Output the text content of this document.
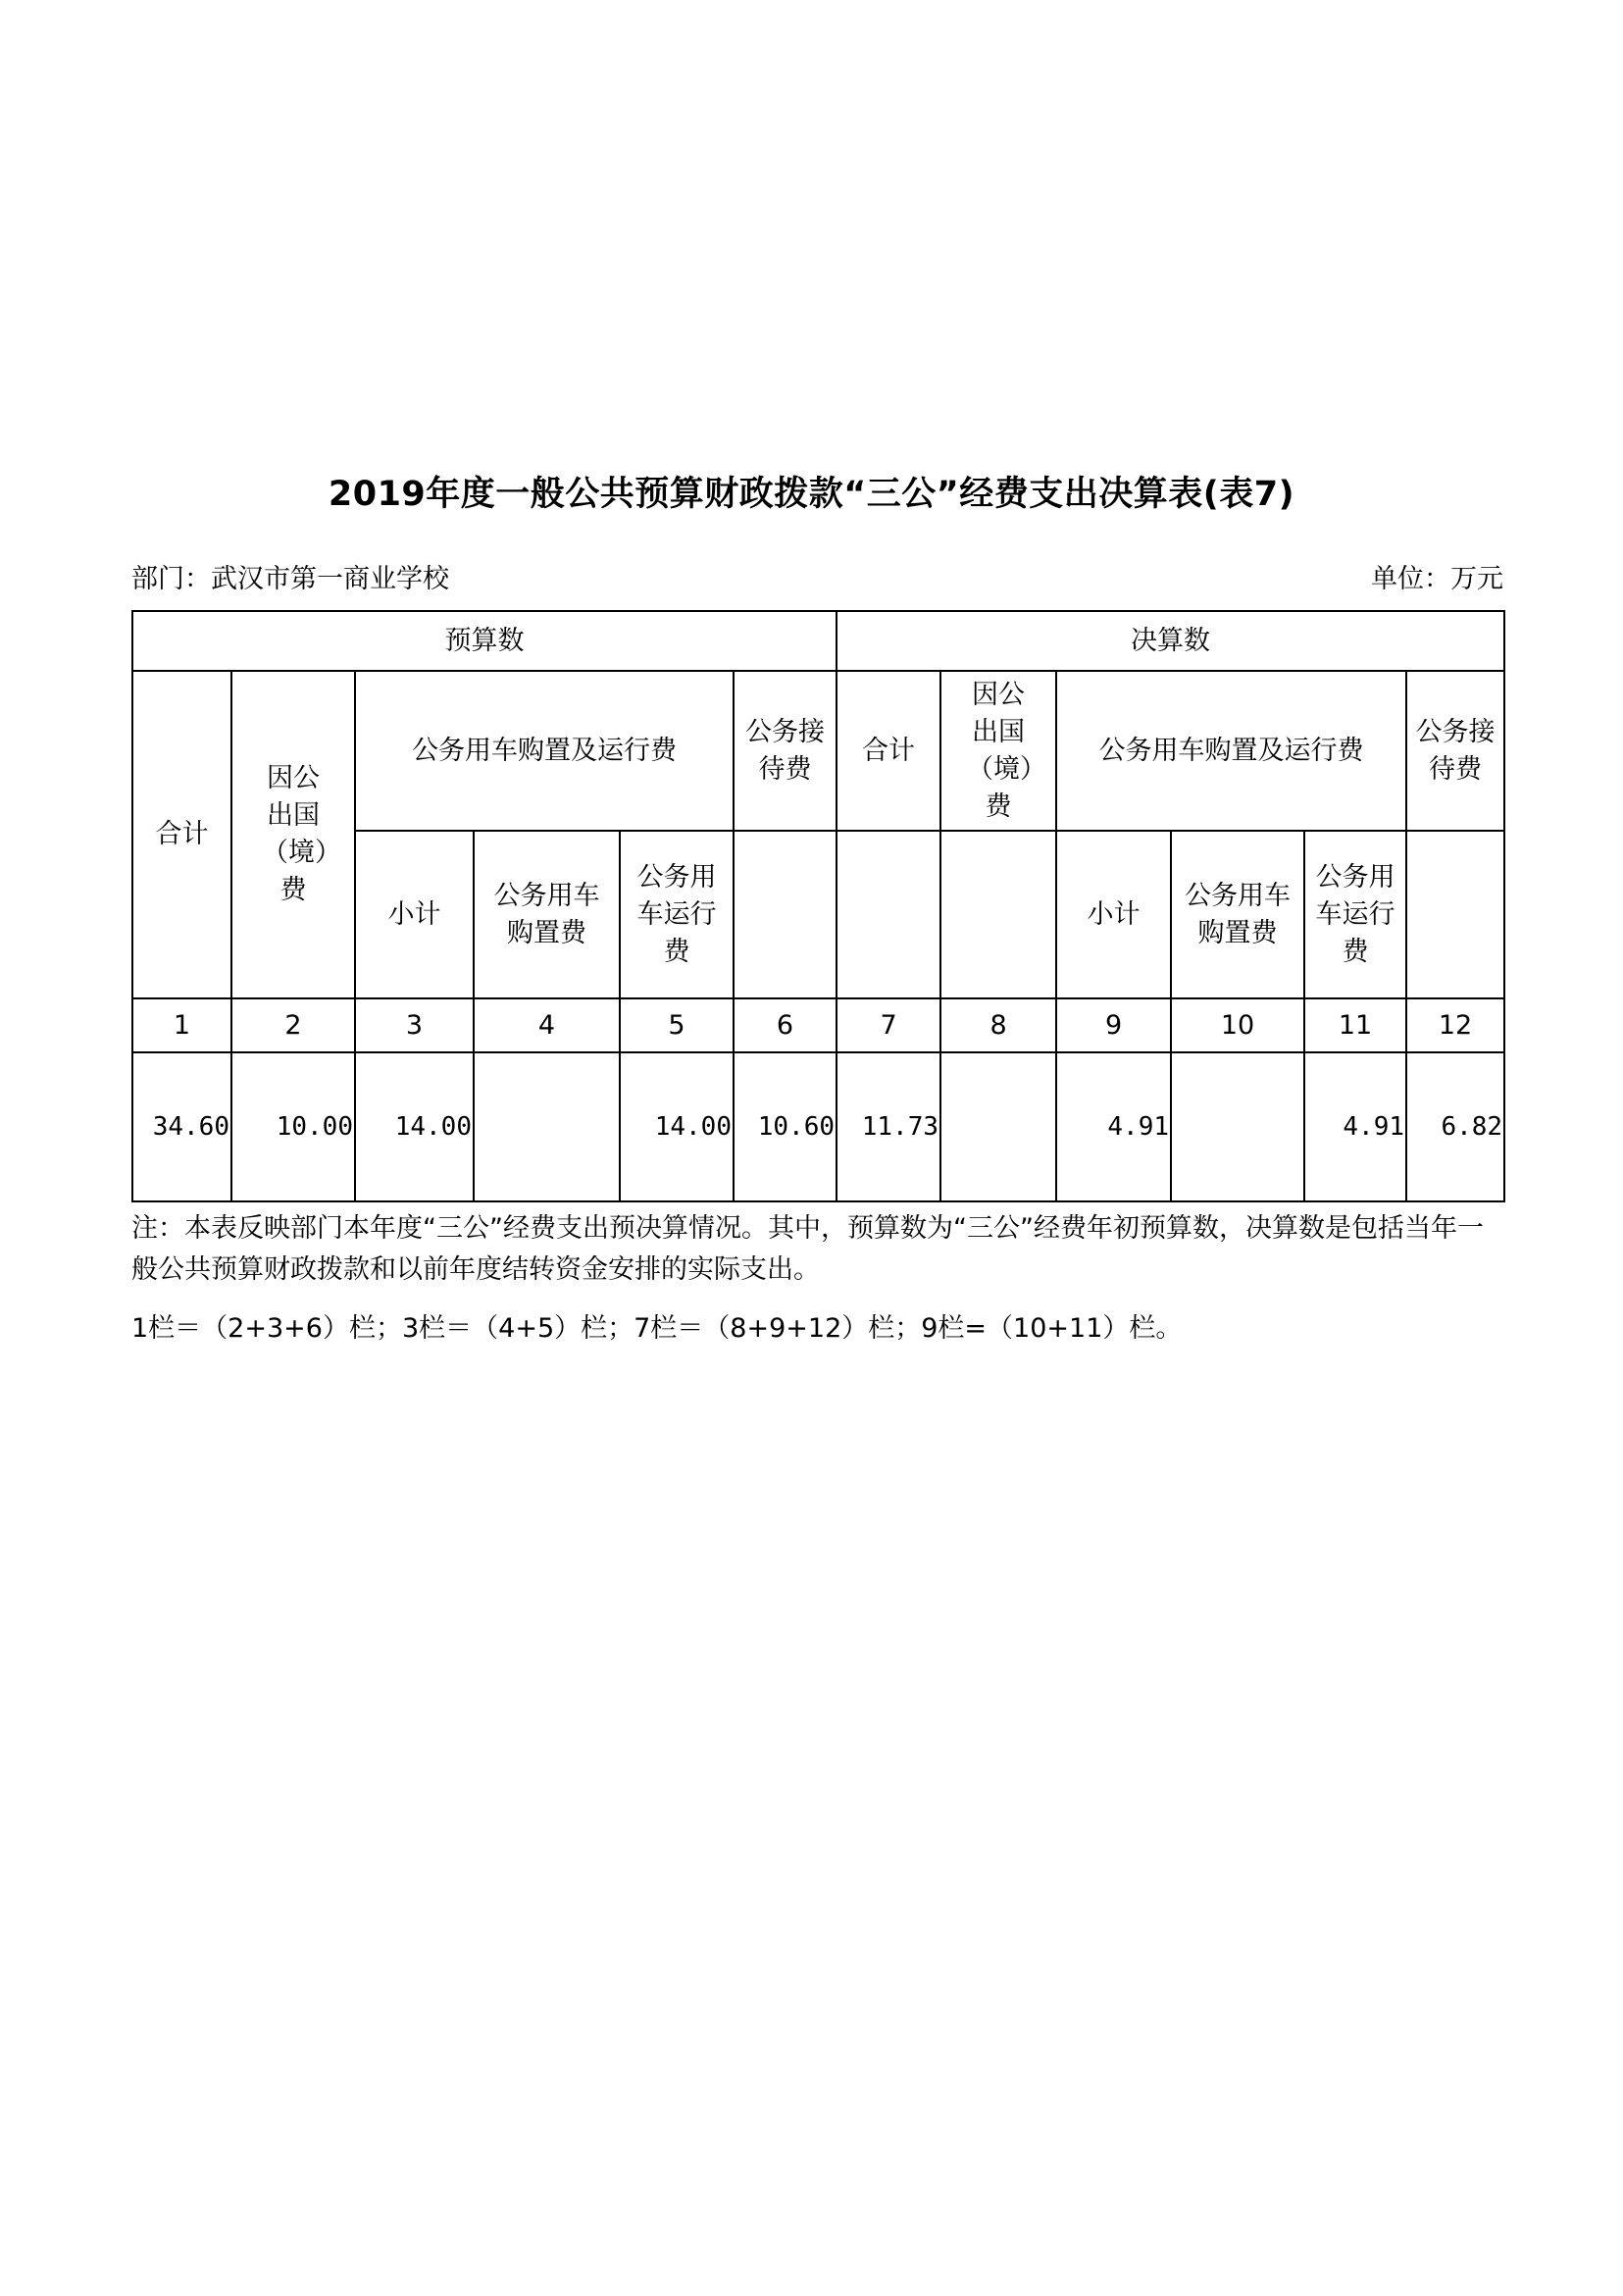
2019年度一般公共预算财政拨款“三公”经费支出决算表(表7)
部门：武汉市第一商业学校	单位：万元
预算数						决算数					
合计	因公出国（境）费	公务用车购置及运行费			公务接待费	合计	因公出国（境）费	公务用车购置及运行费			公务接待费

		小计	公务用车购置费	公务用车运行费				小计	公务用车购置费	公务用车运行费	

1	2	3	4	5	6	7	8	9	10	11	12
34.60	10.00	14.00		14.00	10.60	11.73		4.91		4.91	6.82
注：本表反映部门本年度“三公”经费支出预决算情况。其中，预算数为“三公”经费年初预算数，决算数是包括当年一般公共预算财政拨款和以前年度结转资金安排的实际支出。
1栏＝（2+3+6）栏；3栏＝（4+5）栏；7栏＝（8+9+12）栏；9栏=（10+11）栏。
